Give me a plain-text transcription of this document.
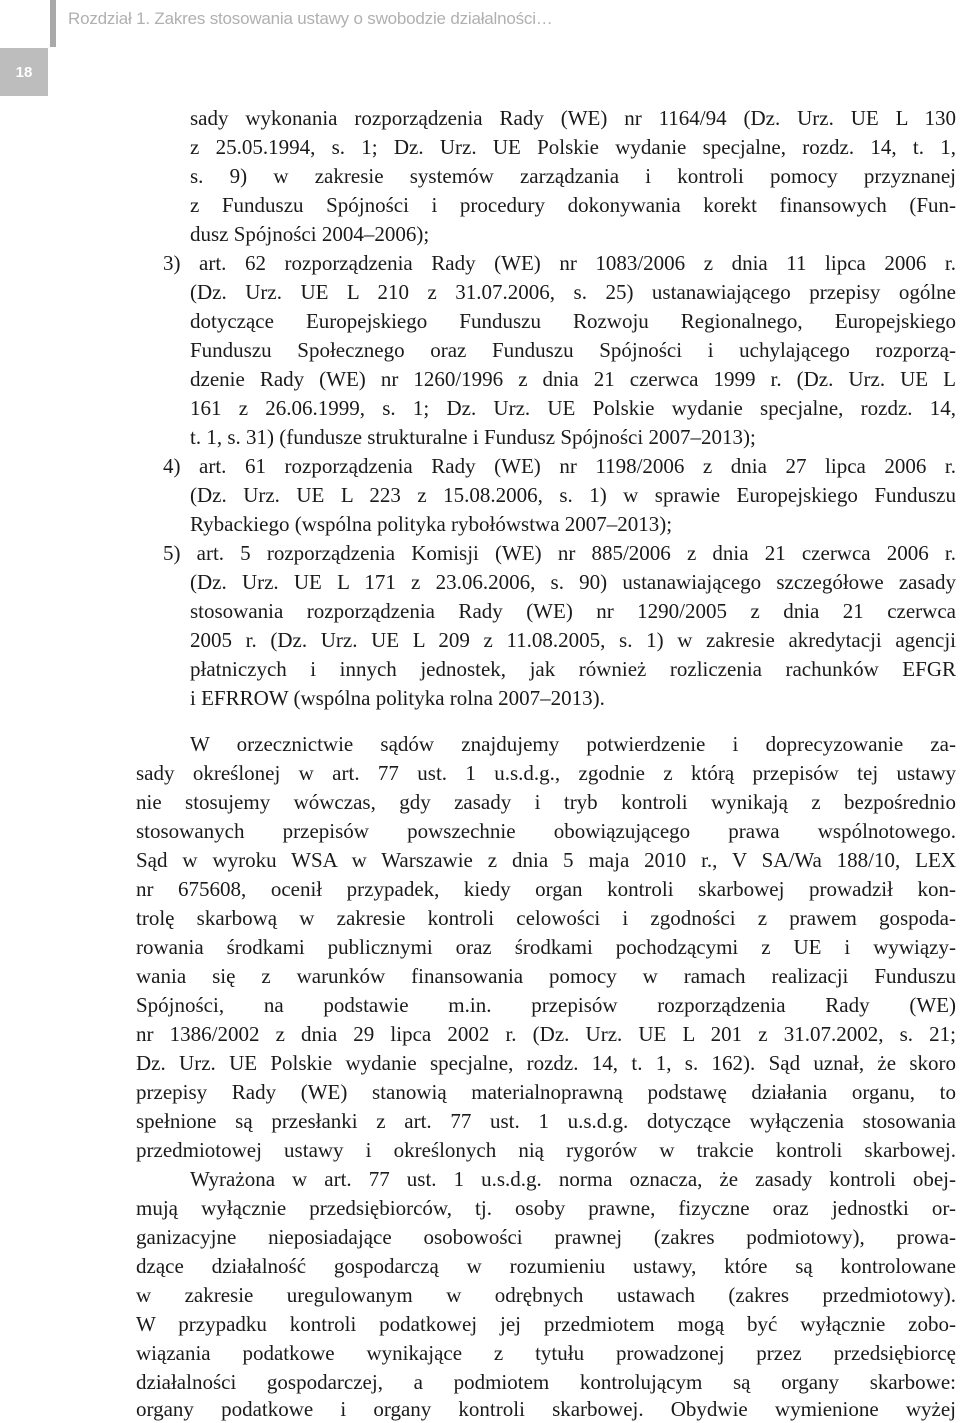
Rozdział 1. Zakres stosowania ustawy o swobodzie działalności…
18
sady wykonania rozporządzenia Rady (WE) nr 1164/94 (Dz. Urz. UE L 130
z 25.05.1994, s. 1; Dz. Urz. UE Polskie wydanie specjalne, rozdz. 14, t. 1,
s. 9) w zakresie systemów zarządzania i kontroli pomocy przyznanej
z Funduszu Spójności i procedury dokonywania korekt finansowych (Fun-
dusz Spójności 2004–2006);
3) art. 62 rozporządzenia Rady (WE) nr 1083/2006 z dnia 11 lipca 2006 r.
(Dz. Urz. UE L 210 z 31.07.2006, s. 25) ustanawiającego przepisy ogólne
dotyczące Europejskiego Funduszu Rozwoju Regionalnego, Europejskiego
Funduszu Społecznego oraz Funduszu Spójności i uchylającego rozporzą-
dzenie Rady (WE) nr 1260/1996 z dnia 21 czerwca 1999 r. (Dz. Urz. UE L
161 z 26.06.1999, s. 1; Dz. Urz. UE Polskie wydanie specjalne, rozdz. 14,
t. 1, s. 31) (fundusze strukturalne i Fundusz Spójności 2007–2013);
4) art. 61 rozporządzenia Rady (WE) nr 1198/2006 z dnia 27 lipca 2006 r.
(Dz. Urz. UE L 223 z 15.08.2006, s. 1) w sprawie Europejskiego Funduszu
Rybackiego (wspólna polityka rybołówstwa 2007–2013);
5) art. 5 rozporządzenia Komisji (WE) nr 885/2006 z dnia 21 czerwca 2006 r.
(Dz. Urz. UE L 171 z 23.06.2006, s. 90) ustanawiającego szczegółowe zasady
stosowania rozporządzenia Rady (WE) nr 1290/2005 z dnia 21 czerwca
2005 r. (Dz. Urz. UE L 209 z 11.08.2005, s. 1) w zakresie akredytacji agencji
płatniczych i innych jednostek, jak również rozliczenia rachunków EFGR
i EFRROW (wspólna polityka rolna 2007–2013).
W orzecznictwie sądów znajdujemy potwierdzenie i doprecyzowanie za-
sady określonej w art. 77 ust. 1 u.s.d.g., zgodnie z którą przepisów tej ustawy
nie stosujemy wówczas, gdy zasady i tryb kontroli wynikają z bezpośrednio
stosowanych przepisów powszechnie obowiązującego prawa wspólnotowego.
Sąd w wyroku WSA w Warszawie z dnia 5 maja 2010 r., V SA/Wa 188/10, LEX
nr 675608, ocenił przypadek, kiedy organ kontroli skarbowej prowadził kon-
trolę skarbową w zakresie kontroli celowości i zgodności z prawem gospoda-
rowania środkami publicznymi oraz środkami pochodzącymi z UE i wywiązy-
wania się z warunków finansowania pomocy w ramach realizacji Funduszu
Spójności, na podstawie m.in. przepisów rozporządzenia Rady (WE)
nr 1386/2002 z dnia 29 lipca 2002 r. (Dz. Urz. UE L 201 z 31.07.2002, s. 21;
Dz. Urz. UE Polskie wydanie specjalne, rozdz. 14, t. 1, s. 162). Sąd uznał, że skoro
przepisy Rady (WE) stanowią materialnoprawną podstawę działania organu, to
spełnione są przesłanki z art. 77 ust. 1 u.s.d.g. dotyczące wyłączenia stosowania
przedmiotowej ustawy i określonych nią rygorów w trakcie kontroli skarbowej.
Wyrażona w art. 77 ust. 1 u.s.d.g. norma oznacza, że zasady kontroli obej-
mują wyłącznie przedsiębiorców, tj. osoby prawne, fizyczne oraz jednostki or-
ganizacyjne nieposiadające osobowości prawnej (zakres podmiotowy), prowa-
dzące działalność gospodarczą w rozumieniu ustawy, które są kontrolowane
w zakresie uregulowanym w odrębnych ustawach (zakres przedmiotowy).
W przypadku kontroli podatkowej jej przedmiotem mogą być wyłącznie zobo-
wiązania podatkowe wynikające z tytułu prowadzonej przez przedsiębiorcę
działalności gospodarczej, a podmiotem kontrolującym są organy skarbowe:
organy podatkowe i organy kontroli skarbowej. Obydwie wymienione wyżej
